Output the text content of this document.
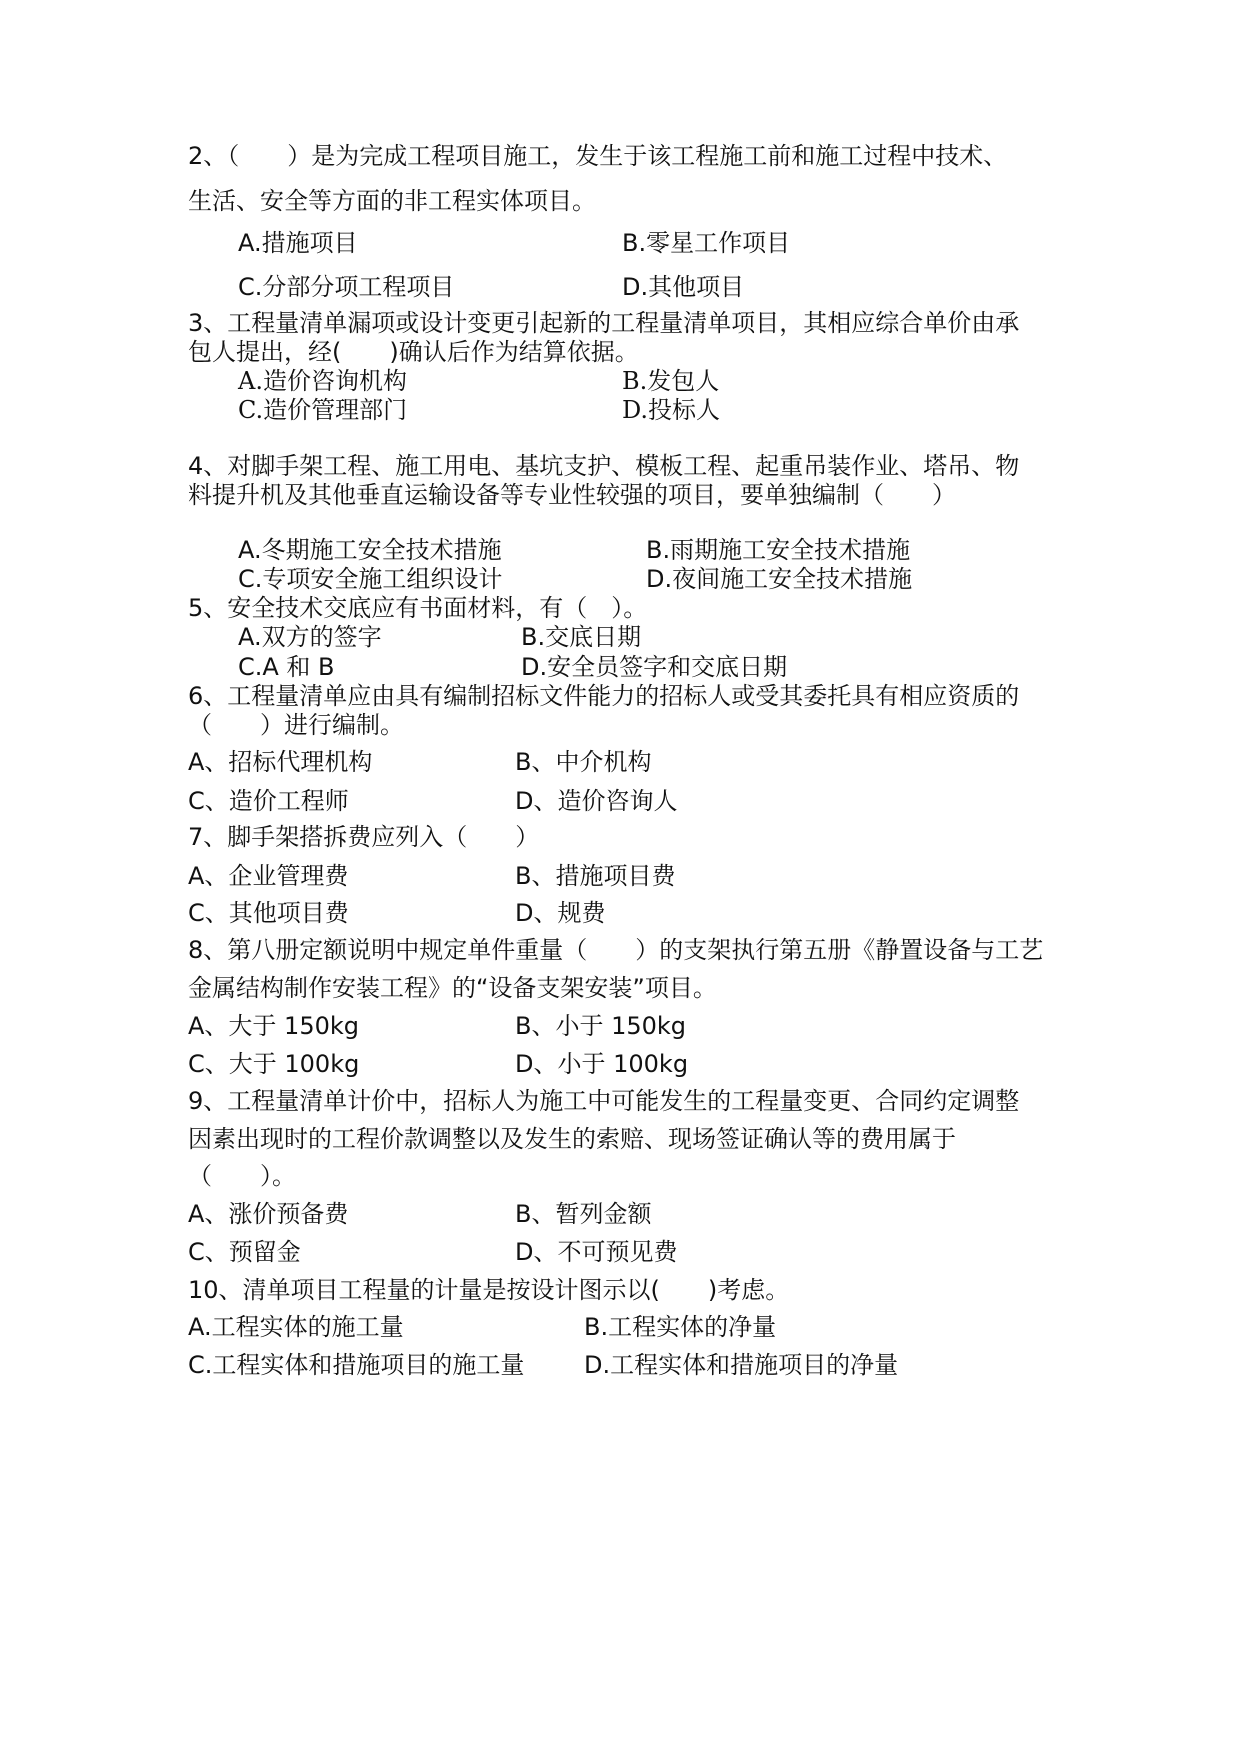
2、（　　）是为完成工程项目施工，发生于该工程施工前和施工过程中技术、
生活、安全等方面的非工程实体项目。
A.措施项目	B.零星工作项目
C.分部分项工程项目	D.其他项目
3、工程量清单漏项或设计变更引起新的工程量清单项目，其相应综合单价由承
包人提出，经(　　)确认后作为结算依据。
A.造价咨询机构	B.发包人
C.造价管理部门	D.投标人
4、对脚手架工程、施工用电、基坑支护、模板工程、起重吊装作业、塔吊、物
料提升机及其他垂直运输设备等专业性较强的项目，要单独编制（　　）
A.冬期施工安全技术措施	B.雨期施工安全技术措施
C.专项安全施工组织设计	D.夜间施工安全技术措施
5、安全技术交底应有书面材料，有（　）。
A.双方的签字	B.交底日期
C.A 和 B	D.安全员签字和交底日期
6、工程量清单应由具有编制招标文件能力的招标人或受其委托具有相应资质的
（　　）进行编制。
A、招标代理机构	B、中介机构
C、造价工程师	D、造价咨询人
7、脚手架搭拆费应列入（　　）
A、企业管理费	B、措施项目费
C、其他项目费	D、规费
8、第八册定额说明中规定单件重量（　　）的支架执行第五册《静置设备与工艺
金属结构制作安装工程》的“设备支架安装”项目。
A、大于 150kg	B、小于 150kg
C、大于 100kg	D、小于 100kg
9、工程量清单计价中，招标人为施工中可能发生的工程量变更、合同约定调整
因素出现时的工程价款调整以及发生的索赔、现场签证确认等的费用属于
（　　）。
A、涨价预备费	B、暂列金额
C、预留金	D、不可预见费
10、清单项目工程量的计量是按设计图示以(　　)考虑。
A.工程实体的施工量	B.工程实体的净量
C.工程实体和措施项目的施工量 D.工程实体和措施项目的净量
